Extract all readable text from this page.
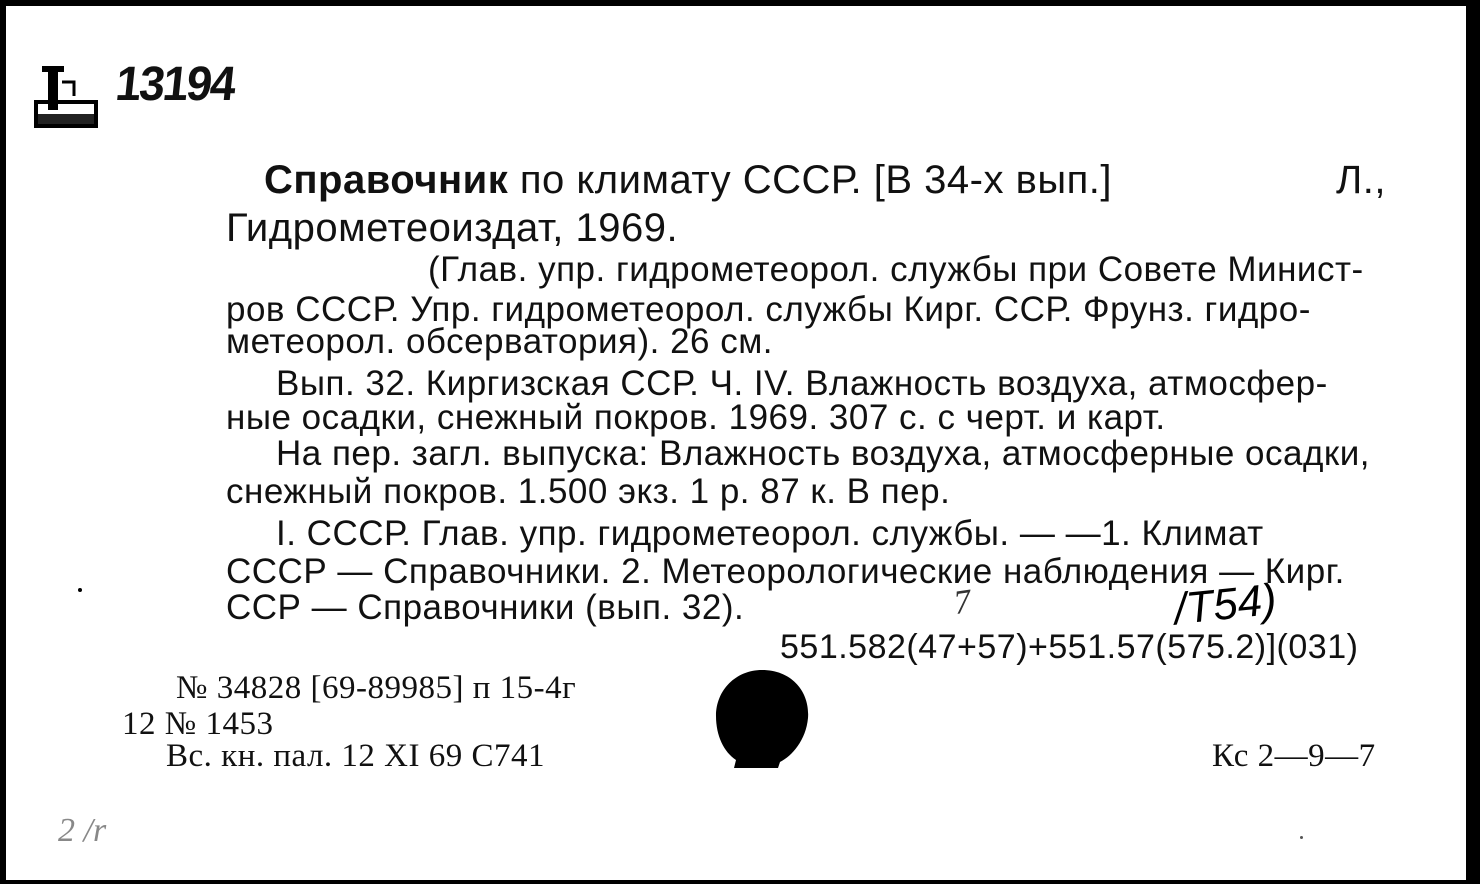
13194
Справочник по климату СССР. [В 34-х вып.]	Л.,
Гидрометеоиздат, 1969.
(Глав. упр. гидрометеорол. службы при Совете Минист-
ров СССР. Упр. гидрометеорол. службы Кирг. ССР. Фрунз. гидро-
метеорол. обсерватория). 26 см.
Вып. 32. Киргизская ССР. Ч. IV. Влажность воздуха, атмосфер-
ные осадки, снежный покров. 1969. 307 с. с черт. и карт.
На пер. загл. выпуска: Влажность воздуха, атмосферные осадки,
снежный покров. 1.500 экз. 1 р. 87 к. В пер.
I. СССР. Глав. упр. гидрометеорол. службы. — —1. Климат
СССР — Справочники. 2. Метеорологические наблюдения — Кирг.
ССР — Справочники (вып. 32).	7	/Т54)
551.582(47+57)+551.57(575.2)](031)
№ 34828 [69-89985] п 15-4г
12 № 1453
Вс. кн. пал. 12 XI 69 С741	Кс 2—9—7
2 /r
